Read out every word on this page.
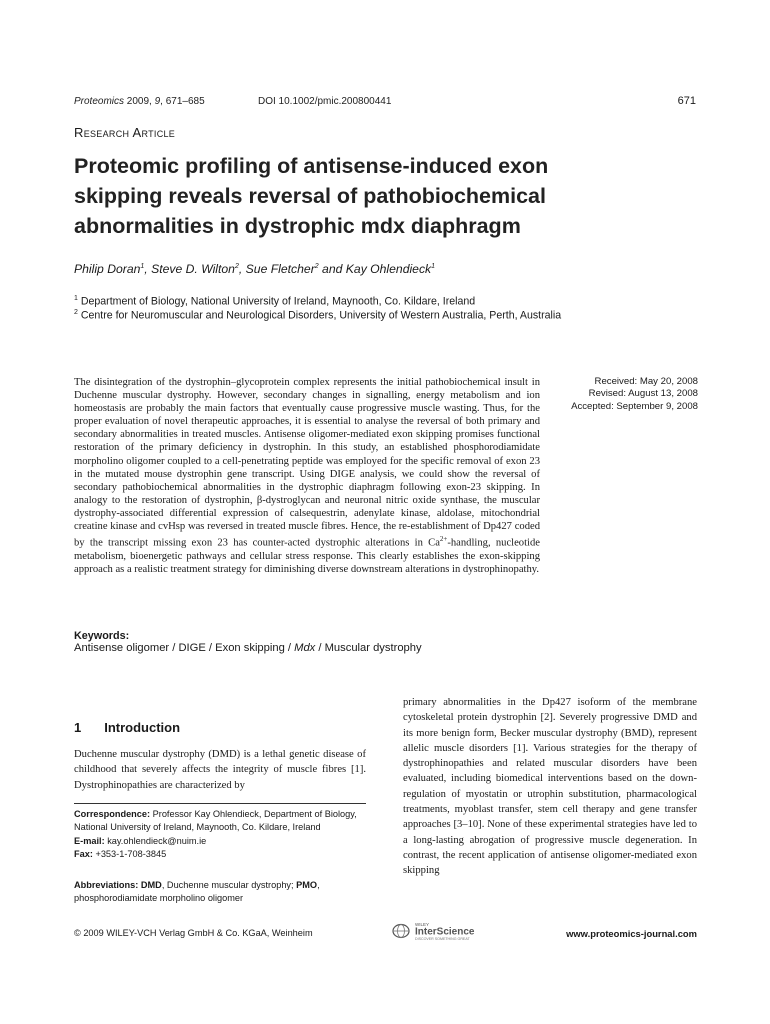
Proteomics 2009, 9, 671–685	DOI 10.1002/pmic.200800441	671
Research Article
Proteomic profiling of antisense-induced exon skipping reveals reversal of pathobiochemical abnormalities in dystrophic mdx diaphragm
Philip Doran$^1$, Steve D. Wilton$^2$, Sue Fletcher$^2$ and Kay Ohlendieck$^1$
$^1$ Department of Biology, National University of Ireland, Maynooth, Co. Kildare, Ireland
$^2$ Centre for Neuromuscular and Neurological Disorders, University of Western Australia, Perth, Australia
The disintegration of the dystrophin–glycoprotein complex represents the initial pathobiochemical insult in Duchenne muscular dystrophy. However, secondary changes in signalling, energy metabolism and ion homeostasis are probably the main factors that eventually cause progressive muscle wasting. Thus, for the proper evaluation of novel therapeutic approaches, it is essential to analyse the reversal of both primary and secondary abnormalities in treated muscles. Antisense oligomer-mediated exon skipping promises functional restoration of the primary deficiency in dystrophin. In this study, an established phosphorodiamidate morpholino oligomer coupled to a cell-penetrating peptide was employed for the specific removal of exon 23 in the mutated mouse dystrophin gene transcript. Using DIGE analysis, we could show the reversal of secondary pathobiochemical abnormalities in the dystrophic diaphragm following exon-23 skipping. In analogy to the restoration of dystrophin, β-dystroglycan and neuronal nitric oxide synthase, the muscular dystrophy-associated differential expression of calsequestrin, adenylate kinase, aldolase, mitochondrial creatine kinase and cvHsp was reversed in treated muscle fibres. Hence, the re-establishment of Dp427 coded by the transcript missing exon 23 has counter-acted dystrophic alterations in $Ca^{2+}$-handling, nucleotide metabolism, bioenergetic pathways and cellular stress response. This clearly establishes the exon-skipping approach as a realistic treatment strategy for diminishing diverse downstream alterations in dystrophinopathy.
Received: May 20, 2008
Revised: August 13, 2008
Accepted: September 9, 2008
Keywords:
Antisense oligomer / DIGE / Exon skipping / Mdx / Muscular dystrophy
1 Introduction
Duchenne muscular dystrophy (DMD) is a lethal genetic disease of childhood that severely affects the integrity of muscle fibres [1]. Dystrophinopathies are characterized by
Correspondence: Professor Kay Ohlendieck, Department of Biology, National University of Ireland, Maynooth, Co. Kildare, Ireland
E-mail: kay.ohlendieck@nuim.ie
Fax: +353-1-708-3845
Abbreviations: DMD, Duchenne muscular dystrophy; PMO, phosphorodiamidate morpholino oligomer
primary abnormalities in the Dp427 isoform of the membrane cytoskeletal protein dystrophin [2]. Severely progressive DMD and its more benign form, Becker muscular dystrophy (BMD), represent allelic muscle disorders [1]. Various strategies for the therapy of dystrophinopathies and related muscular disorders have been evaluated, including biomedical interventions based on the down-regulation of myostatin or utrophin substitution, pharmacological treatments, myoblast transfer, stem cell therapy and gene transfer approaches [3–10]. None of these experimental strategies have led to a long-lasting abrogation of progressive muscle degeneration. In contrast, the recent application of antisense oligomer-mediated exon skipping
© 2009 WILEY-VCH Verlag GmbH & Co. KGaA, Weinheim
WILEY
InterScience
DISCOVER SOMETHING GREAT	www.proteomics-journal.com
